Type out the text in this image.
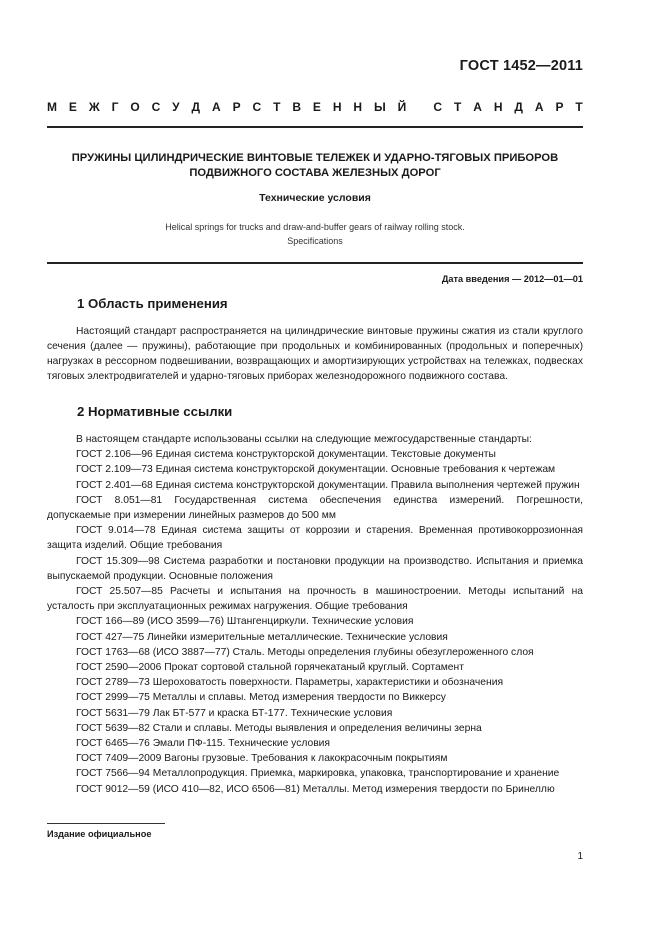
ГОСТ 1452—2011
М Е Ж Г О С У Д А Р С Т В Е Н Н Ы Й
С Т А Н Д А Р Т
ПРУЖИНЫ ЦИЛИНДРИЧЕСКИЕ ВИНТОВЫЕ ТЕЛЕЖЕК И УДАРНО-ТЯГОВЫХ ПРИБОРОВ
ПОДВИЖНОГО СОСТАВА ЖЕЛЕЗНЫХ ДОРОГ
Технические условия
Helical springs for trucks and draw-and-buffer gears of railway rolling stock.
Specifications
Дата введения — 2012—01—01
1 Область применения

Настоящий стандарт распространяется на цилиндрические винтовые пружины сжатия из стали круглого сечения (далее — пружины), работающие при продольных и комбинированных (продольных и поперечных) нагрузках в рессорном подвешивании, возвращающих и амортизирующих устройствах на тележках, подвесках тяговых электродвигателей и ударно-тяговых приборах железнодорожного подвижного состава.

2 Нормативные ссылки

В настоящем стандарте использованы ссылки на следующие межгосударственные стандарты:

ГОСТ 2.106—96 Единая система конструкторской документации. Текстовые документы

ГОСТ 2.109—73 Единая система конструкторской документации. Основные требования к чертежам

ГОСТ 2.401—68 Единая система конструкторской документации. Правила выполнения чертежей пружин

ГОСТ 8.051—81 Государственная система обеспечения единства измерений. Погрешности, допускаемые при измерении линейных размеров до 500 мм

ГОСТ 9.014—78 Единая система защиты от коррозии и старения. Временная противокоррозионная защита изделий. Общие требования

ГОСТ 15.309—98 Система разработки и постановки продукции на производство. Испытания и приемка выпускаемой продукции. Основные положения

ГОСТ 25.507—85 Расчеты и испытания на прочность в машиностроении. Методы испытаний на усталость при эксплуатационных режимах нагружения. Общие требования

ГОСТ 166—89 (ИСО 3599—76) Штангенциркули. Технические условия

ГОСТ 427—75 Линейки измерительные металлические. Технические условия

ГОСТ 1763—68 (ИСО 3887—77) Сталь. Методы определения глубины обезуглероженного слоя

ГОСТ 2590—2006 Прокат сортовой стальной горячекатаный круглый. Сортамент

ГОСТ 2789—73 Шероховатость поверхности. Параметры, характеристики и обозначения

ГОСТ 2999—75 Металлы и сплавы. Метод измерения твердости по Виккерсу

ГОСТ 5631—79 Лак БТ-577 и краска БТ-177. Технические условия

ГОСТ 5639—82 Стали и сплавы. Методы выявления и определения величины зерна

ГОСТ 6465—76 Эмали ПФ-115. Технические условия

ГОСТ 7409—2009 Вагоны грузовые. Требования к лакокрасочным покрытиям

ГОСТ 7566—94 Металлопродукция. Приемка, маркировка, упаковка, транспортирование и хранение

ГОСТ 9012—59 (ИСО 410—82, ИСО 6506—81) Металлы. Метод измерения твердости по Бринеллю

Издание официальное
1
